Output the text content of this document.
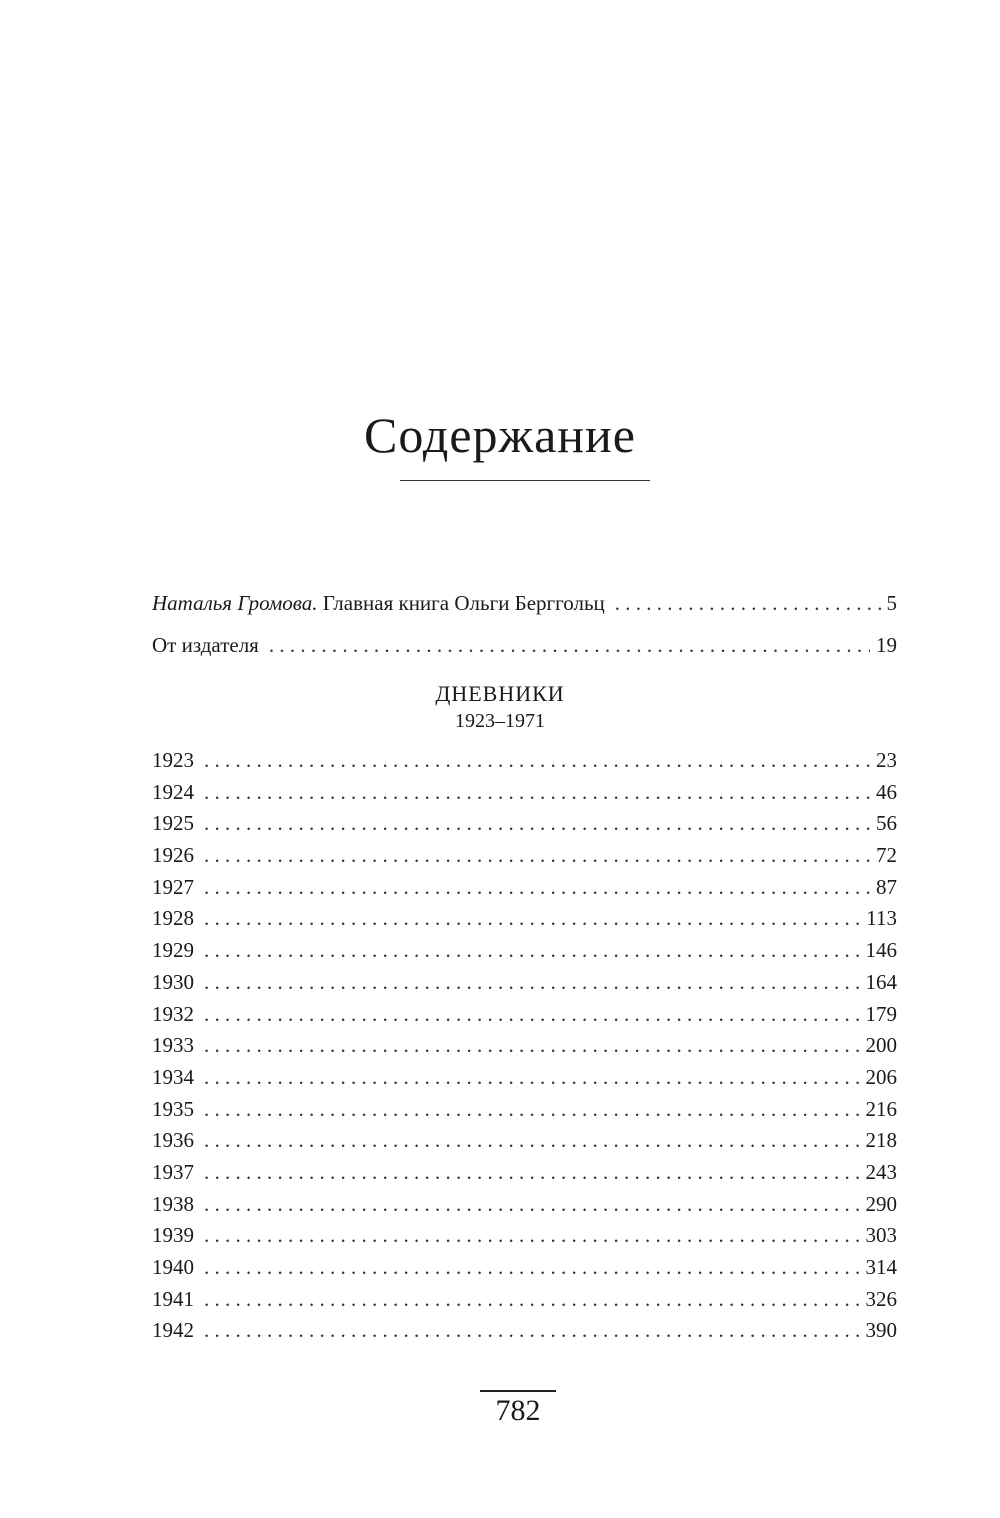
Содержание
Наталья Громова. Главная книга Ольги Берггольц . . .	5
От издателя . . .	19
ДНЕВНИКИ
1923–1971
1923 . . .	23
1924 . . .	46
1925 . . .	56
1926 . . .	72
1927 . . .	87
1928 . . .	113
1929 . . .	146
1930 . . .	164
1932 . . .	179
1933 . . .	200
1934 . . .	206
1935 . . .	216
1936 . . .	218
1937 . . .	243
1938 . . .	290
1939 . . .	303
1940 . . .	314
1941 . . .	326
1942 . . .	390
782
